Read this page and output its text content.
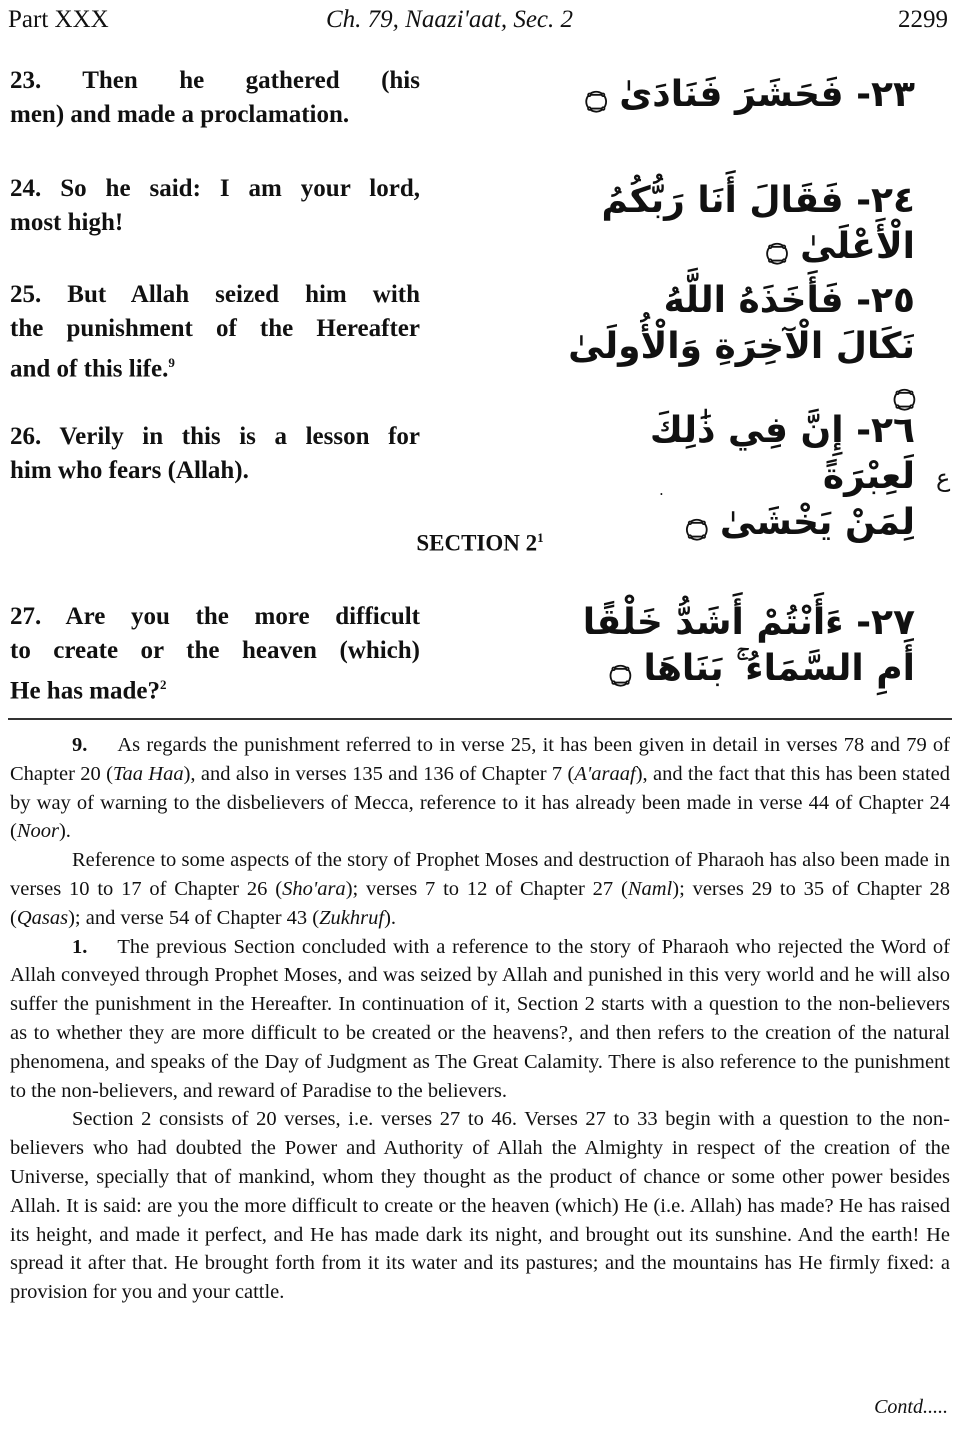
Part XXX	Ch. 79, Naazi'aat, Sec. 2	2299
23. Then he gathered (his
men) and made a proclamation.	٢٣- فَحَشَرَ فَنَادَىٰ ۝
24. So he said: I am your lord,
most high!
٢٤- فَقَالَ أَنَا رَبُّكُمُ الْأَعْلَىٰ ۝
25. But Allah seized him with
the punishment of the Hereafter
and of this life.$^9$
٢٥- فَأَخَذَهُ اللَّهُ
نَكَالَ الْآخِرَةِ وَالْأُولَىٰ ۝
26. Verily in this is a lesson for
him who fears (Allah).
٢٦- إِنَّ فِي ذَٰلِكَ لَعِبْرَةً
لِمَنْ يَخْشَىٰ ۝
ع
•
SECTION $2^1$
27. Are you the more difficult
to create or the heaven (which)
He has made?$^2$
٢٧- ءَأَنْتُمْ أَشَدُّ خَلْقًا
أَمِ السَّمَاءُ ۚ بَنَاهَا ۝

9. As regards the punishment referred to in verse 25, it has been given in detail in verses 78 and 79 of Chapter 20 (Taa Haa), and also in verses 135 and 136 of Chapter 7 (A'araaf), and the fact that this has been stated by way of warning to the disbelievers of Mecca, reference to it has already been made in verse 44 of Chapter 24 (Noor).

Reference to some aspects of the story of Prophet Moses and destruction of Pharaoh has also been made in verses 10 to 17 of Chapter 26 (Sho'ara); verses 7 to 12 of Chapter 27 (Naml); verses 29 to 35 of Chapter 28 (Qasas); and verse 54 of Chapter 43 (Zukhruf).

1. The previous Section concluded with a reference to the story of Pharaoh who rejected the Word of Allah conveyed through Prophet Moses, and was seized by Allah and punished in this very world and he will also suffer the punishment in the Hereafter. In continuation of it, Section 2 starts with a question to the non-believers as to whether they are more difficult to be created or the heavens?, and then refers to the creation of the natural phenomena, and speaks of the Day of Judgment as The Great Calamity. There is also reference to the punishment to the non-believers, and reward of Paradise to the believers.

Section 2 consists of 20 verses, i.e. verses 27 to 46. Verses 27 to 33 begin with a question to the non-believers who had doubted the Power and Authority of Allah the Almighty in respect of the creation of the Universe, specially that of mankind, whom they thought as the product of chance or some other power besides Allah. It is said: are you the more difficult to create or the heaven (which) He (i.e. Allah) has made? He has raised its height, and made it perfect, and He has made dark its night, and brought out its sunshine. And the earth! He spread it after that. He brought forth from it its water and its pastures; and the mountains has He firmly fixed: a provision for you and your cattle.

Contd.....
